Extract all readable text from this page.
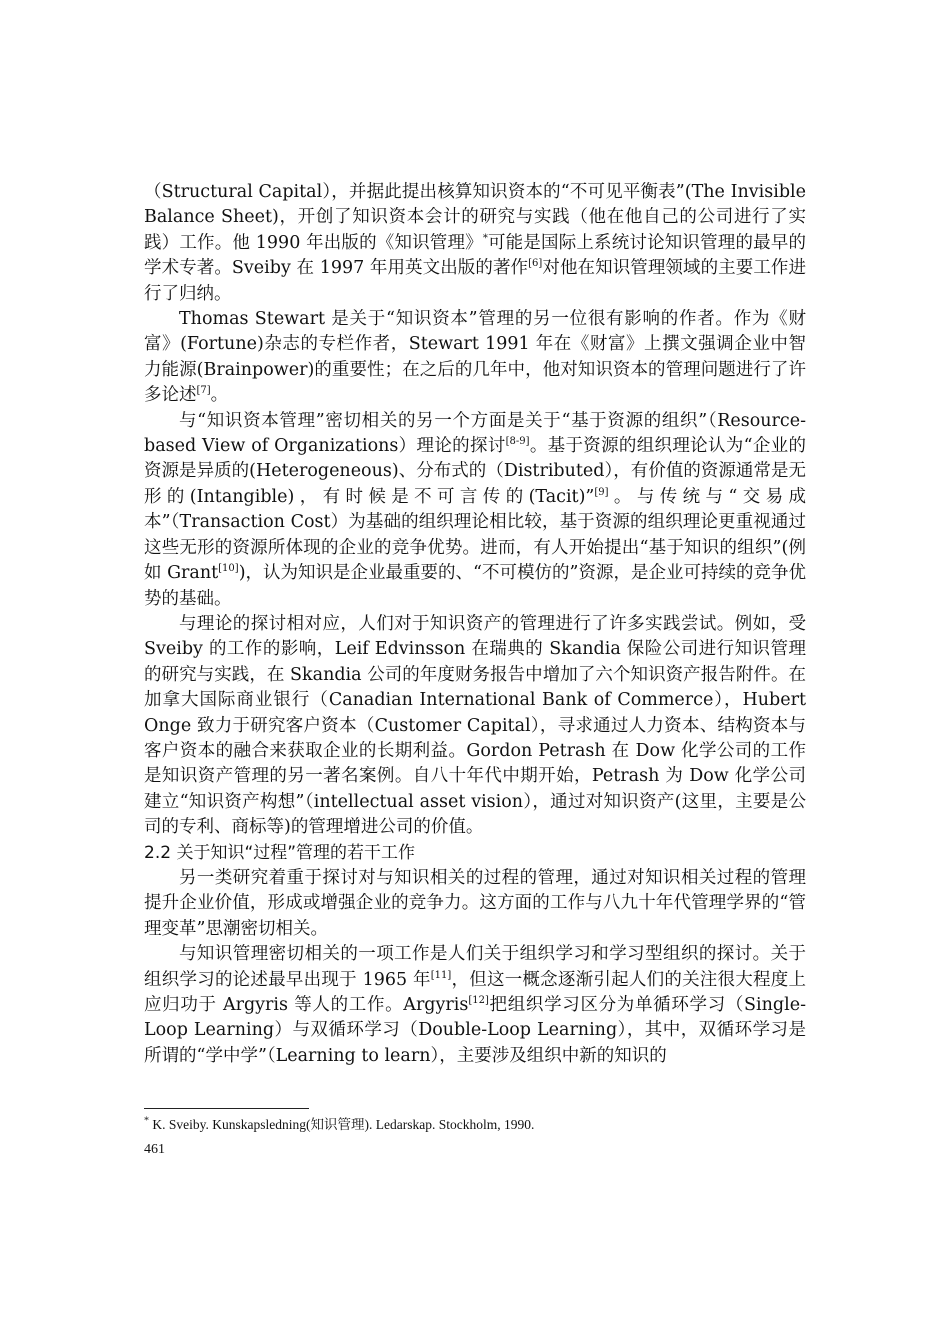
（Structural Capital），并据此提出核算知识资本的“不可见平衡表”(The Invisible Balance Sheet)，开创了知识资本会计的研究与实践（他在他自己的公司进行了实践）工作。他 1990 年出版的《知识管理》*可能是国际上系统讨论知识管理的最早的学术专著。Sveiby 在 1997 年用英文出版的著作[6]对他在知识管理领域的主要工作进行了归纳。

Thomas Stewart 是关于“知识资本”管理的另一位很有影响的作者。作为《财富》(Fortune)杂志的专栏作者，Stewart 1991 年在《财富》上撰文强调企业中智力能源(Brainpower)的重要性；在之后的几年中，他对知识资本的管理问题进行了许多论述[7]。

与“知识资本管理”密切相关的另一个方面是关于“基于资源的组织”（Resource-based View of Organizations）理论的探讨[8-9]。基于资源的组织理论认为“企业的资源是异质的(Heterogeneous)、分布式的（Distributed），有价值的资源通常是无形的(Intangible)，有时候是不可言传的(Tacit)”[9]。与传统与“交易成本”（Transaction Cost）为基础的组织理论相比较，基于资源的组织理论更重视通过这些无形的资源所体现的企业的竞争优势。进而，有人开始提出“基于知识的组织”(例如 Grant[10])，认为知识是企业最重要的、“不可模仿的”资源，是企业可持续的竞争优势的基础。

与理论的探讨相对应，人们对于知识资产的管理进行了许多实践尝试。例如，受 Sveiby 的工作的影响，Leif Edvinsson 在瑞典的 Skandia 保险公司进行知识管理的研究与实践，在 Skandia 公司的年度财务报告中增加了六个知识资产报告附件。在加拿大国际商业银行（Canadian International Bank of Commerce），Hubert Onge 致力于研究客户资本（Customer Capital），寻求通过人力资本、结构资本与客户资本的融合来获取企业的长期利益。Gordon Petrash 在 Dow 化学公司的工作是知识资产管理的另一著名案例。自八十年代中期开始，Petrash 为 Dow 化学公司建立“知识资产构想”（intellectual asset vision），通过对知识资产(这里，主要是公司的专利、商标等)的管理增进公司的价值。

2.2 关于知识“过程”管理的若干工作

另一类研究着重于探讨对与知识相关的过程的管理，通过对知识相关过程的管理提升企业价值，形成或增强企业的竞争力。这方面的工作与八九十年代管理学界的“管理变革”思潮密切相关。

与知识管理密切相关的一项工作是人们关于组织学习和学习型组织的探讨。关于组织学习的论述最早出现于 1965 年[11]，但这一概念逐渐引起人们的关注很大程度上应归功于 Argyris 等人的工作。Argyris[12]把组织学习区分为单循环学习（Single-Loop Learning）与双循环学习（Double-Loop Learning），其中，双循环学习是所谓的“学中学”（Learning to learn），主要涉及组织中新的知识的

* K. Sveiby. Kunskapsledning(知识管理). Ledarskap. Stockholm, 1990.

461
